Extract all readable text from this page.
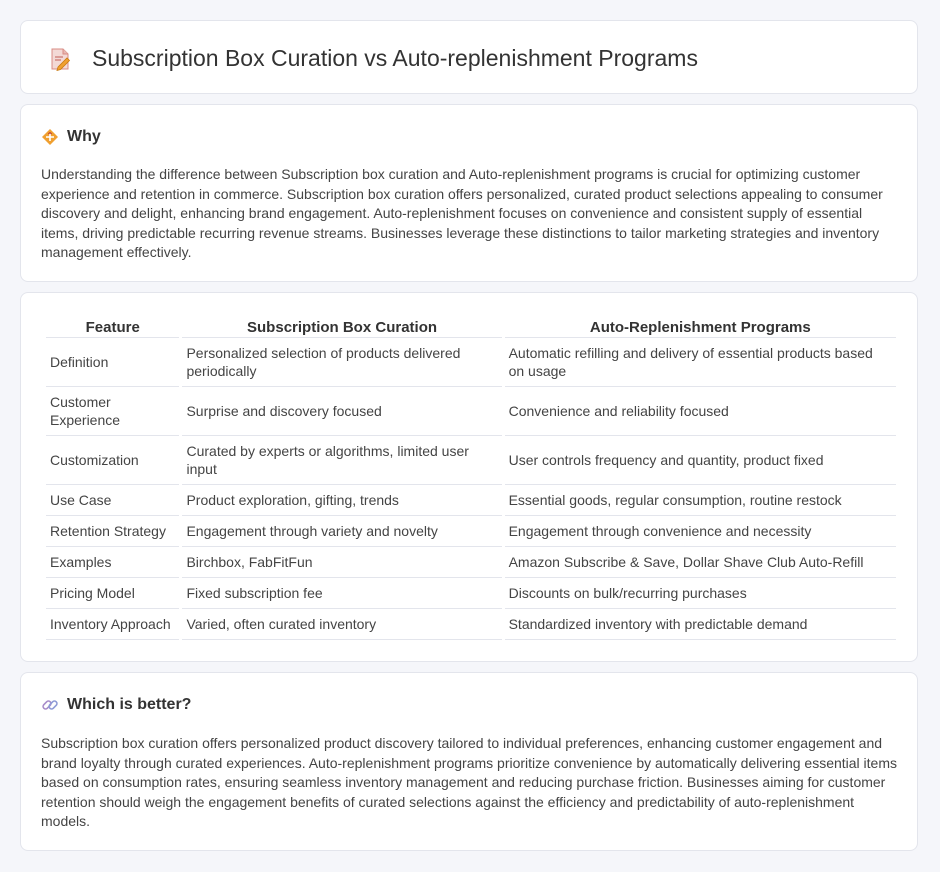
Subscription Box Curation vs Auto-replenishment Programs
Why

Understanding the difference between Subscription box curation and Auto-replenishment programs is crucial for optimizing customer experience and retention in commerce. Subscription box curation offers personalized, curated product selections appealing to consumer discovery and delight, enhancing brand engagement. Auto-replenishment focuses on convenience and consistent supply of essential items, driving predictable recurring revenue streams. Businesses leverage these distinctions to tailor marketing strategies and inventory management effectively.

Feature	Subscription Box Curation	Auto-Replenishment Programs
Definition	Personalized selection of products delivered periodically	Automatic refilling and delivery of essential products based on usage
Customer Experience	Surprise and discovery focused	Convenience and reliability focused
Customization	Curated by experts or algorithms, limited user input	User controls frequency and quantity, product fixed
Use Case	Product exploration, gifting, trends	Essential goods, regular consumption, routine restock
Retention Strategy	Engagement through variety and novelty	Engagement through convenience and necessity
Examples	Birchbox, FabFitFun	Amazon Subscribe & Save, Dollar Shave Club Auto-Refill
Pricing Model	Fixed subscription fee	Discounts on bulk/recurring purchases
Inventory Approach	Varied, often curated inventory	Standardized inventory with predictable demand
Which is better?

Subscription box curation offers personalized product discovery tailored to individual preferences, enhancing customer engagement and brand loyalty through curated experiences. Auto-replenishment programs prioritize convenience by automatically delivering essential items based on consumption rates, ensuring seamless inventory management and reducing purchase friction. Businesses aiming for customer retention should weigh the engagement benefits of curated selections against the efficiency and predictability of auto-replenishment models.
